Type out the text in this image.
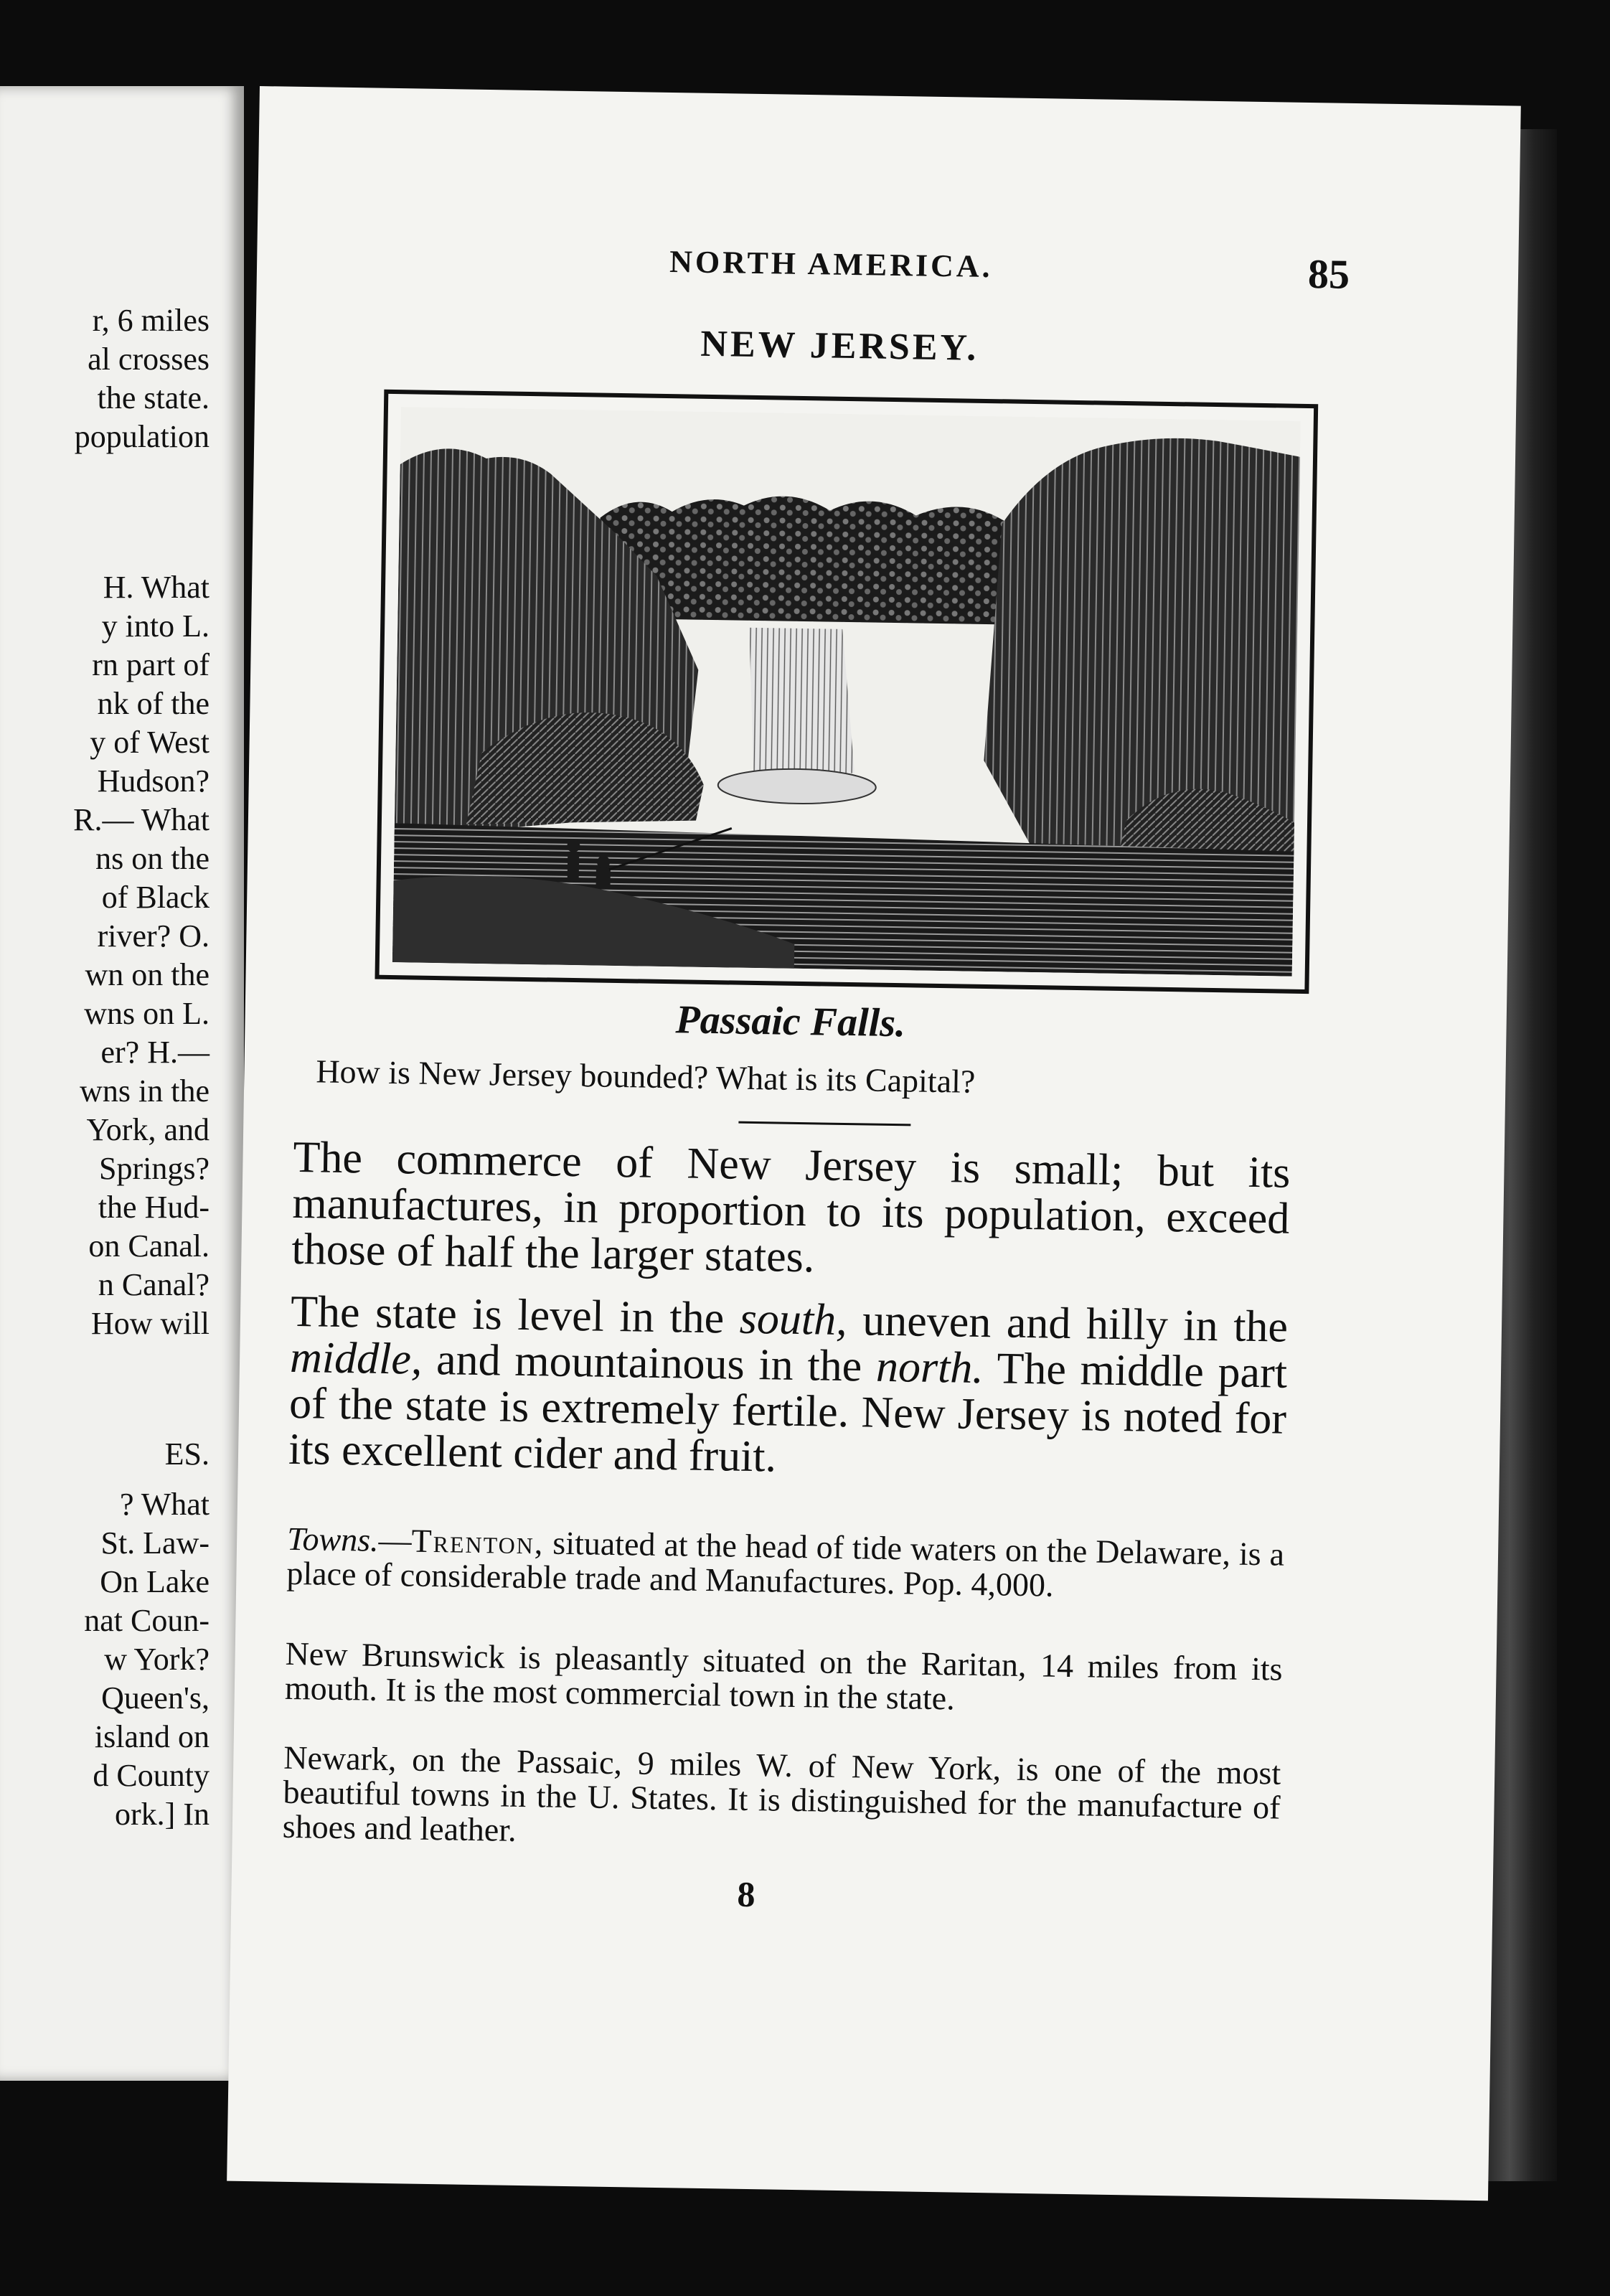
r, 6 miles

al crosses

the state.

population

H. What

y into L.

rn part of

nk of the

y of West

Hudson?

R.— What

ns on the

of Black

river? O.

wn on the

wns on L.

er? H.—

wns in the

York, and

Springs?

the Hud-

on Canal.

n Canal?

How will

ES.

? What

St. Law-

On Lake

nat Coun-

w York?

Queen's,

island on

d County

ork.] In

NORTH AMERICA.	85
NEW JERSEY.
Passaic Falls.
How is New Jersey bounded? What is its Capital?

The commerce of New Jersey is small; but its manufactures, in proportion to its population, exceed those of half the larger states.

The state is level in the south, uneven and hilly in the middle, and mountainous in the north. The middle part of the state is extremely fertile. New Jersey is noted for its excellent cider and fruit.

Towns.—Trenton, situated at the head of tide waters on the Delaware, is a place of considerable trade and Manufactures. Pop. 4,000.

New Brunswick is pleasantly situated on the Raritan, 14 miles from its mouth. It is the most commercial town in the state.

Newark, on the Passaic, 9 miles W. of New York, is one of the most beautiful towns in the U. States. It is distinguished for the manufacture of shoes and leather.

8
